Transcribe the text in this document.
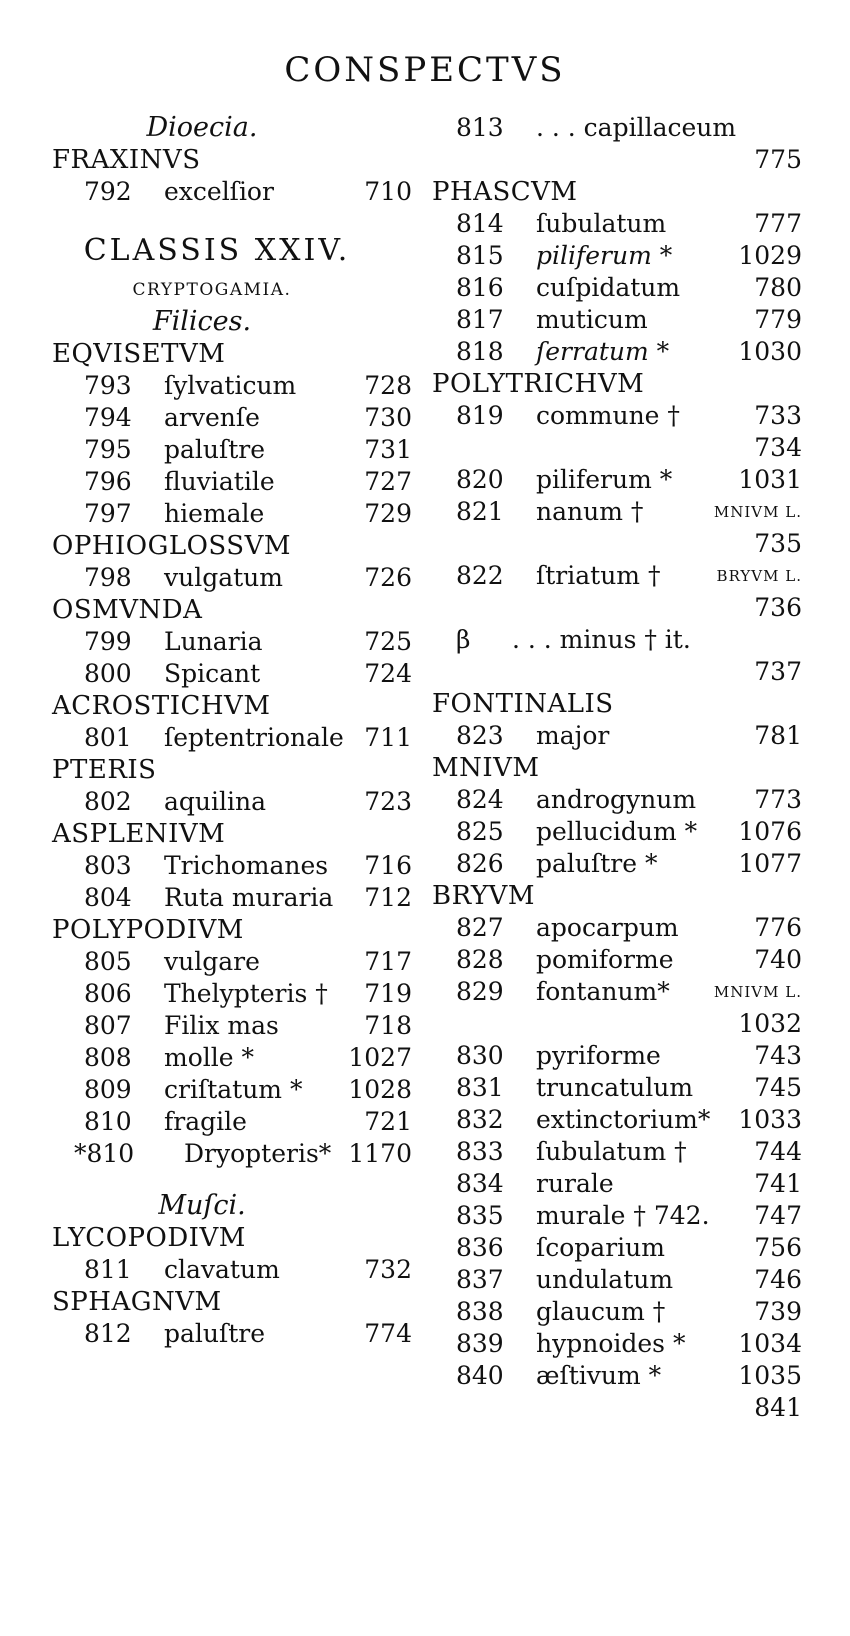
CONSPECTVS
Dioecia.
FRAXINVS
792 excelſior	710
CLASSIS XXIV.
CRYPTOGAMIA.
Filices.
EQVISETVM
793 ſylvaticum	728
794 arvenſe	730
795 paluſtre	731
796 fluviatile	727
797 hiemale	729
OPHIOGLOSSVM
798 vulgatum	726
OSMVNDA
799 Lunaria	725
800 Spicant	724
ACROSTICHVM
801 ſeptentrionale 711
PTERIS
802 aquilina	723
ASPLENIVM
803 Trichomanes 716
804 Ruta muraria 712
POLYPODIVM
805 vulgare	717
806 Thelypteris † 719
807 Filix mas	718
808 molle *	1027
809 criſtatum * 1028
810 fragile	721
*810 Dryopteris* 1170
Muſci.
LYCOPODIVM
811 clavatum	732
SPHAGNVM
812 paluſtre	774
813 . . . capillaceum
775
PHASCVM
814 ſubulatum	777
815 piliferum *	1029
816 cuſpidatum	780
817 muticum	779
818 ſerratum *	1030
POLYTRICHVM
819 commune †	733
734
820 piliferum *	1031
821 nanum †	MNIVM L.
735
822 ſtriatum †	BRYVM L.
736
β . . . minus † it.
737
FONTINALIS
823 major	781
MNIVM
824 androgynum 773
825 pellucidum * 1076
826 paluſtre *	1077
BRYVM
827 apocarpum	776
828 pomiforme	740
829 fontanum*	MNIVM L.
1032
830 pyriforme	743
831 truncatulum 745
832 extinctorium* 1033
833 ſubulatum †	744
834 rurale	741
835 murale † 742. 747
836 ſcoparium	756
837 undulatum	746
838 glaucum †	739
839 hypnoides * 1034
840 æſtivum *	1035
841
